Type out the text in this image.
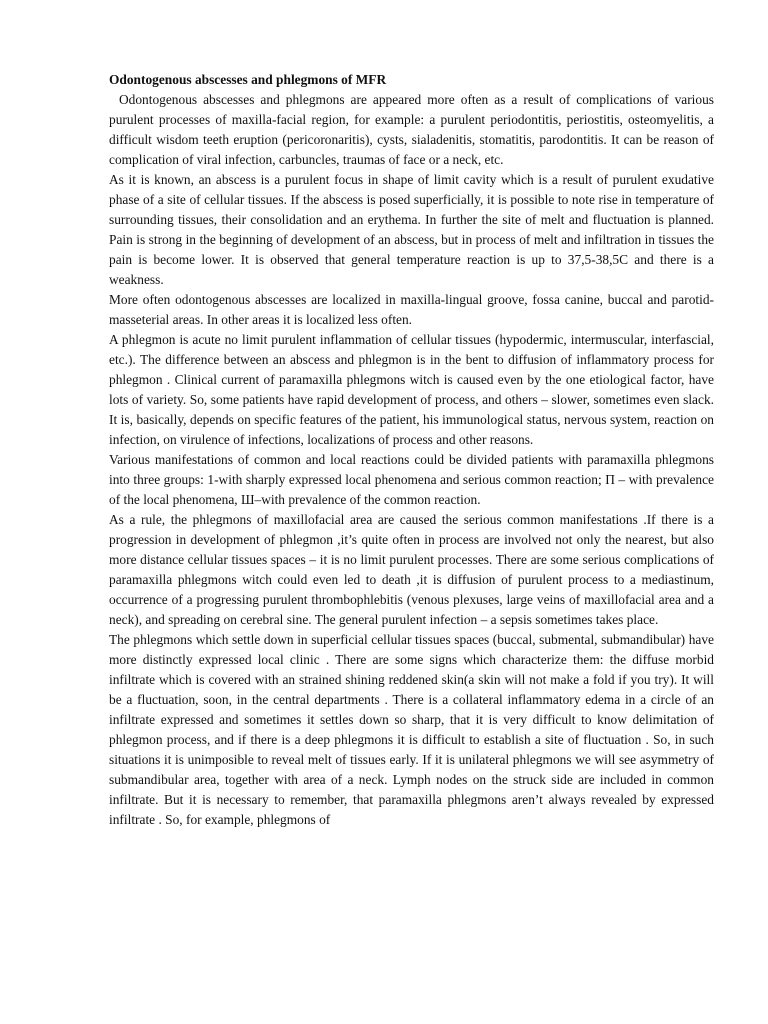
Odontogenous abscesses and phlegmons of MFR

Odontogenous abscesses and phlegmons are appeared more often as a result of complications of various purulent processes of maxilla-facial region, for example: a purulent periodontitis, periostitis, osteomyelitis, a difficult wisdom teeth eruption (pericoronaritis), cysts, sialadenitis, stomatitis, parodontitis. It can be reason of complication of viral infection, carbuncles, traumas of face or a neck, etc.

As it is known, an abscess is a purulent focus in shape of limit cavity which is a result of purulent exudative phase of a site of cellular tissues. If the abscess is posed superficially, it is possible to note rise in temperature of surrounding tissues, their consolidation and an erythema. In further the site of melt and fluctuation is planned. Pain is strong in the beginning of development of an abscess, but in process of melt and infiltration in tissues the pain is become lower. It is observed that general temperature reaction is up to 37,5-38,5C and there is a weakness.

More often odontogenous abscesses are localized in maxilla-lingual groove, fossa canine, buccal and parotid-masseterial areas. In other areas it is localized less often.

A phlegmon is acute no limit purulent inflammation of cellular tissues (hypodermic, intermuscular, interfascial, etc.). The difference between an abscess and phlegmon is in the bent to diffusion of inflammatory process for phlegmon . Clinical current of paramaxilla phlegmons witch is caused even by the one etiological factor, have lots of variety. So, some patients have rapid development of process, and others – slower, sometimes even slack. It is, basically, depends on specific features of the patient, his immunological status, nervous system, reaction on infection, on virulence of infections, localizations of process and other reasons.

Various manifestations of common and local reactions could be divided patients with paramaxilla phlegmons into three groups: 1-with sharply expressed local phenomena and serious common reaction; П – with prevalence of the local phenomena, Ш–with prevalence of the common reaction.

As a rule, the phlegmons of maxillofacial area are caused the serious common manifestations .If there is a progression in development of phlegmon ,it’s quite often in process are involved not only the nearest, but also more distance cellular tissues spaces – it is no limit purulent processes. There are some serious complications of paramaxilla phlegmons witch could even led to death ,it is diffusion of purulent process to a mediastinum, occurrence of a progressing purulent thrombophlebitis (venous plexuses, large veins of maxillofacial area and a neck), and spreading on cerebral sine. The general purulent infection – a sepsis sometimes takes place.

The phlegmons which settle down in superficial cellular tissues spaces (buccal, submental, submandibular) have more distinctly expressed local clinic . There are some signs which characterize them: the diffuse morbid infiltrate which is covered with an strained shining reddened skin(a skin will not make a fold if you try). It will be a fluctuation, soon, in the central departments . There is a collateral inflammatory edema in a circle of an infiltrate expressed and sometimes it settles down so sharp, that it is very difficult to know delimitation of phlegmon process, and if there is a deep phlegmons it is difficult to establish a site of fluctuation . So, in such situations it is unimposible to reveal melt of tissues early. If it is unilateral phlegmons we will see asymmetry of submandibular area, together with area of a neck. Lymph nodes on the struck side are included in common infiltrate. But it is necessary to remember, that paramaxilla phlegmons aren’t always revealed by expressed infiltrate . So, for example, phlegmons of
